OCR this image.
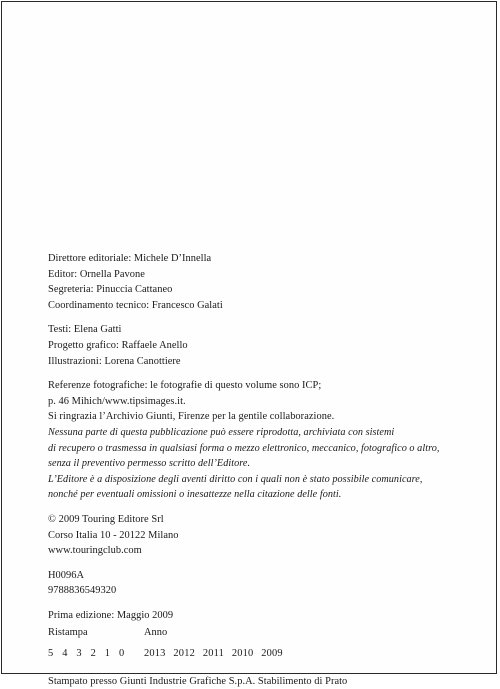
Direttore editoriale: Michele D’Innella
Editor: Ornella Pavone
Segreteria: Pinuccia Cattaneo
Coordinamento tecnico: Francesco Galati
Testi: Elena Gatti
Progetto grafico: Raffaele Anello
Illustrazioni: Lorena Canottiere
Referenze fotografiche: le fotografie di questo volume sono ICP;
p. 46 Mihich/www.tipsimages.it.
Si ringrazia l’Archivio Giunti, Firenze per la gentile collaborazione.
Nessuna parte di questa pubblicazione può essere riprodotta, archiviata con sistemi
di recupero o trasmessa in qualsiasi forma o mezzo elettronico, meccanico, fotografico o altro,
senza il preventivo permesso scritto dell’Editore.
L’Editore è a disposizione degli aventi diritto con i quali non è stato possibile comunicare,
nonché per eventuali omissioni o inesattezze nella citazione delle fonti.
© 2009 Touring Editore Srl
Corso Italia 10 - 20122 Milano
www.touringclub.com
H0096A
9788836549320
Prima edizione: Maggio 2009
Ristampa	Anno
5 4 3 2 1 0	2013 2012 2011 2010 2009
Stampato presso Giunti Industrie Grafiche S.p.A. Stabilimento di Prato
